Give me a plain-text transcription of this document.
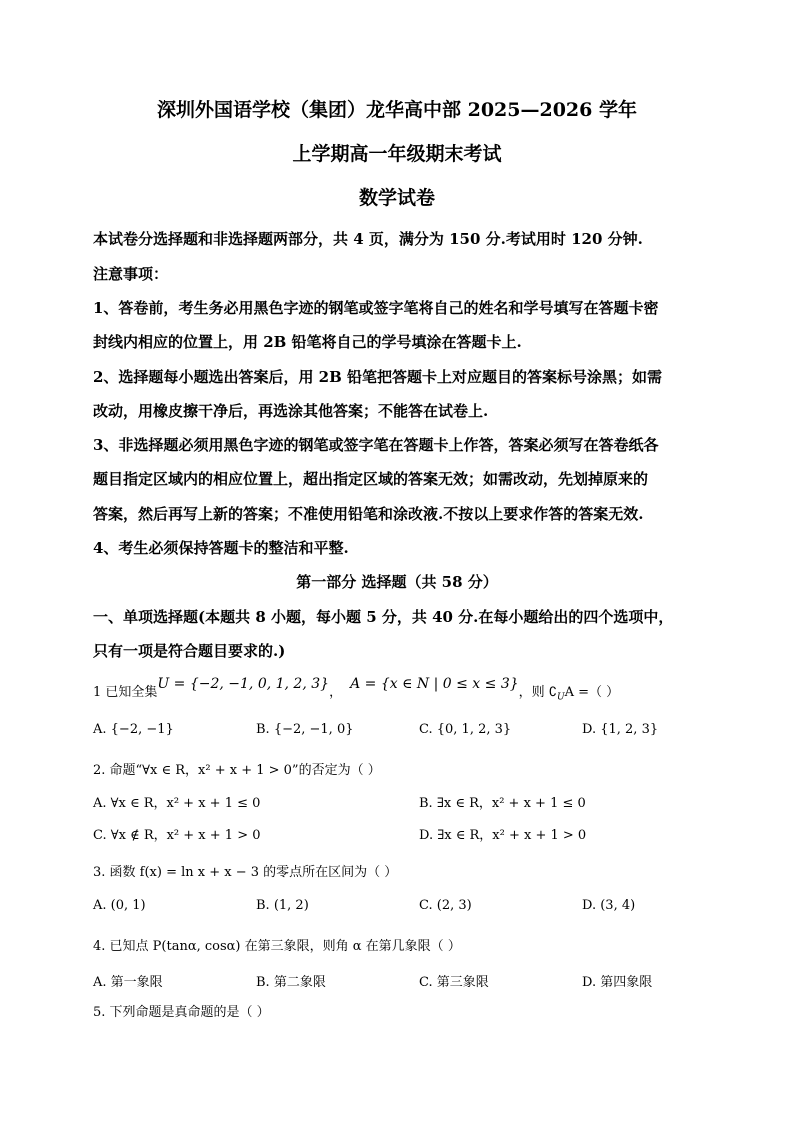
深圳外国语学校（集团）龙华高中部 2025—2026 学年
上学期高一年级期末考试
数学试卷
本试卷分选择题和非选择题两部分，共 4 页，满分为 150 分.考试用时 120 分钟.
注意事项：
1、答卷前，考生务必用黑色字迹的钢笔或签字笔将自己的姓名和学号填写在答题卡密
封线内相应的位置上，用 2B 铅笔将自己的学号填涂在答题卡上.
2、选择题每小题选出答案后，用 2B 铅笔把答题卡上对应题目的答案标号涂黑；如需
改动，用橡皮擦干净后，再选涂其他答案；不能答在试卷上.
3、非选择题必须用黑色字迹的钢笔或签字笔在答题卡上作答，答案必须写在答卷纸各
题目指定区域内的相应位置上，超出指定区域的答案无效；如需改动，先划掉原来的
答案，然后再写上新的答案；不准使用铅笔和涂改液.不按以上要求作答的答案无效.
4、考生必须保持答题卡的整洁和平整.
第一部分 选择题（共 58 分）
一、单项选择题(本题共 8 小题，每小题 5 分，共 40 分.在每小题给出的四个选项中，
只有一项是符合题目要求的.)
1 已知全集U = {−2, −1, 0, 1, 2, 3}，A = {x ∈ N | 0 ≤ x ≤ 3}，则 $∁_UA$ =（ ）
A. {−2, −1}	B. {−2, −1, 0}	C. {0, 1, 2, 3}	D. {1, 2, 3}
2. 命题“∀x ∈ R，x² + x + 1 > 0”的否定为（ ）
A. ∀x ∈ R，x² + x + 1 ≤ 0	B. ∃x ∈ R，x² + x + 1 ≤ 0
C. ∀x ∉ R，x² + x + 1 > 0	D. ∃x ∈ R，x² + x + 1 > 0
3. 函数 f(x) = ln x + x − 3 的零点所在区间为（ ）
A. (0, 1)	B. (1, 2)	C. (2, 3)	D. (3, 4)
4. 已知点 P(tanα, cosα) 在第三象限，则角 α 在第几象限（ ）
A. 第一象限	B. 第二象限	C. 第三象限	D. 第四象限
5. 下列命题是真命题的是（ ）
